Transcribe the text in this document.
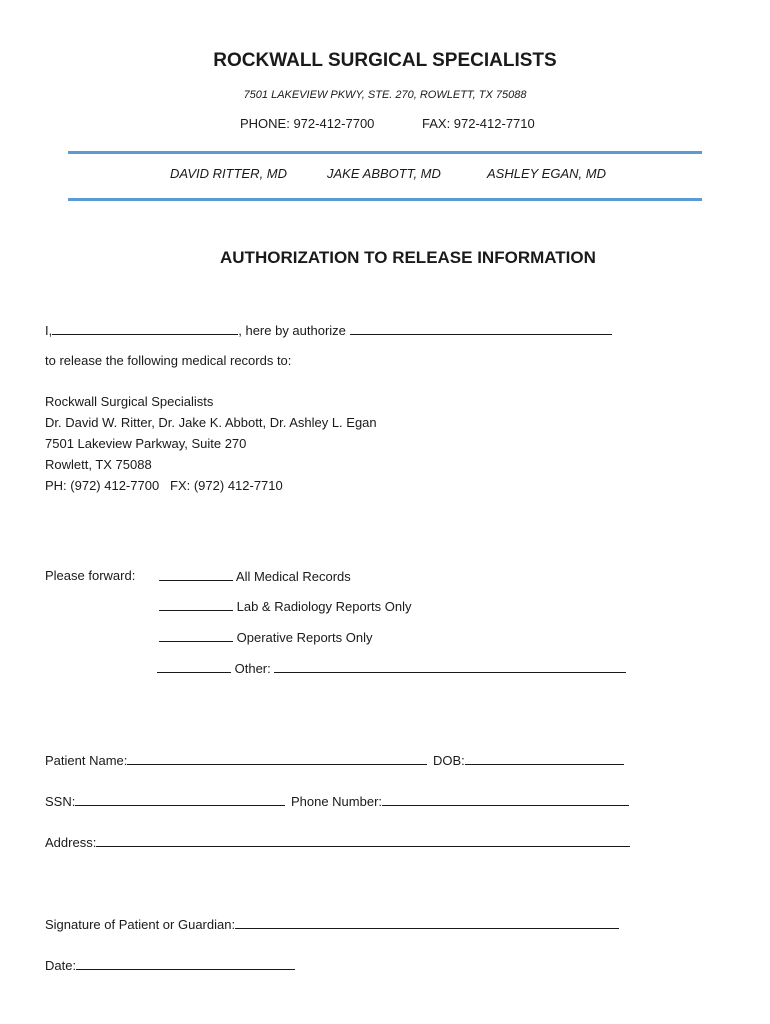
ROCKWALL SURGICAL SPECIALISTS
7501 LAKEVIEW PKWY, STE. 270, ROWLETT, TX 75088
PHONE: 972-412-7700	FAX: 972-412-7710
DAVID RITTER, MD	JAKE ABBOTT, MD	ASHLEY EGAN, MD
AUTHORIZATION TO RELEASE INFORMATION
I,	, here by authorize
to release the following medical records to:
Rockwall Surgical Specialists
Dr. David W. Ritter, Dr. Jake K. Abbott, Dr. Ashley L. Egan
7501 Lakeview Parkway, Suite 270
Rowlett, TX 75088
PH: (972) 412-7700   FX: (972) 412-7710
Please forward:	All Medical Records
Lab & Radiology Reports Only
Operative Reports Only
Other:
Patient Name:	DOB:
SSN:	Phone Number:
Address:
Signature of Patient or Guardian:
Date:
